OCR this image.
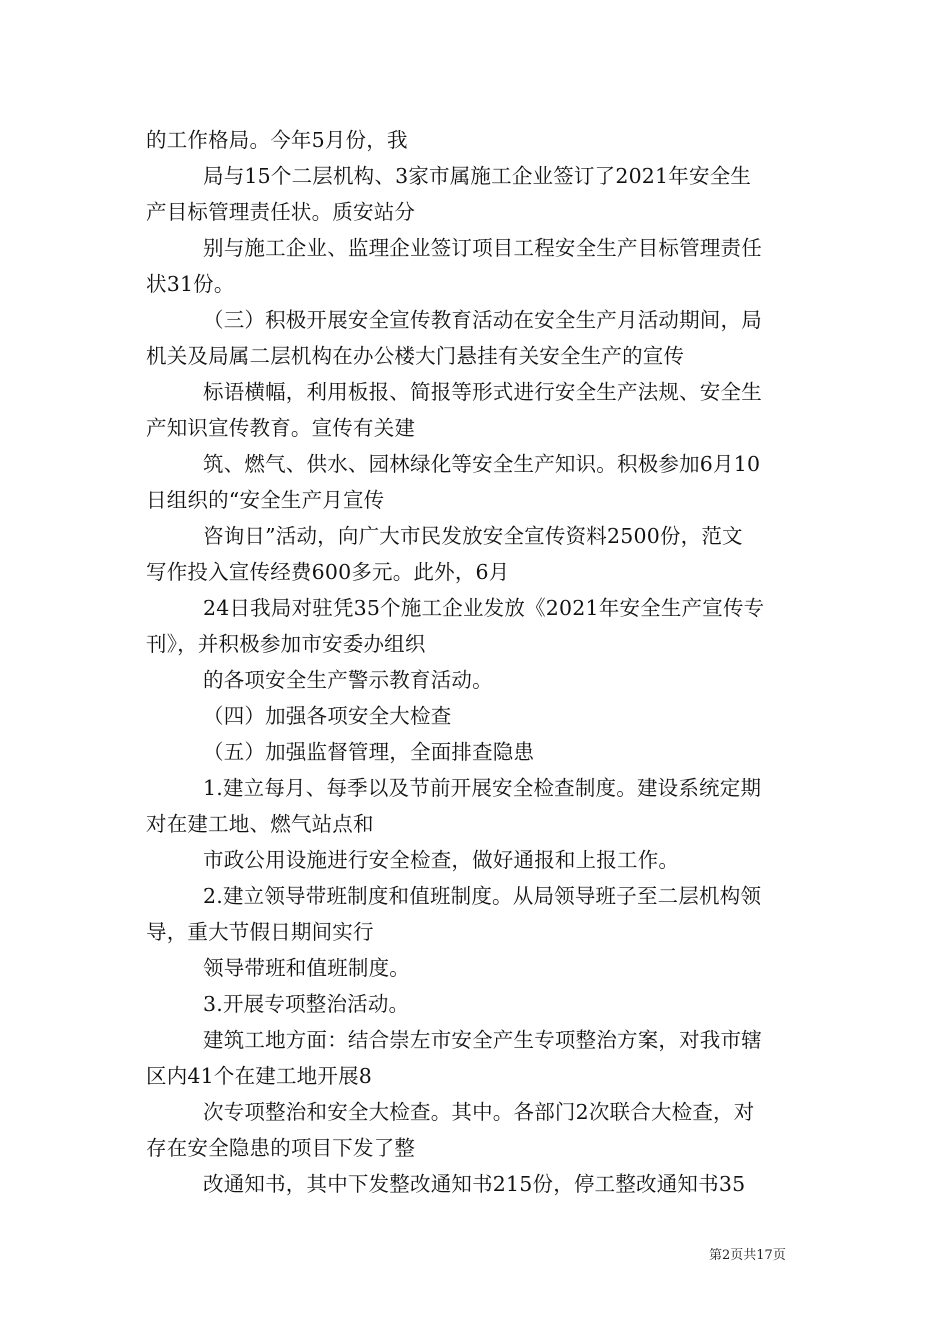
的工作格局。今年5月份，我
局与15个二层机构、3家市属施工企业签订了2021年安全生
产目标管理责任状。质安站分
别与施工企业、监理企业签订项目工程安全生产目标管理责任
状31份。
（三）积极开展安全宣传教育活动在安全生产月活动期间，局
机关及局属二层机构在办公楼大门悬挂有关安全生产的宣传
标语横幅，利用板报、简报等形式进行安全生产法规、安全生
产知识宣传教育。宣传有关建
筑、燃气、供水、园林绿化等安全生产知识。积极参加6月10
日组织的“安全生产月宣传
咨询日”活动，向广大市民发放安全宣传资料2500份，范文
写作投入宣传经费600多元。此外，6月
24日我局对驻凭35个施工企业发放《2021年安全生产宣传专
刊》，并积极参加市安委办组织
的各项安全生产警示教育活动。
（四）加强各项安全大检查
（五）加强监督管理，全面排查隐患
1.建立每月、每季以及节前开展安全检查制度。建设系统定期
对在建工地、燃气站点和
市政公用设施进行安全检查，做好通报和上报工作。
2.建立领导带班制度和值班制度。从局领导班子至二层机构领
导，重大节假日期间实行
领导带班和值班制度。
3.开展专项整治活动。
建筑工地方面：结合崇左市安全产生专项整治方案，对我市辖
区内41个在建工地开展8
次专项整治和安全大检查。其中。各部门2次联合大检查，对
存在安全隐患的项目下发了整
改通知书，其中下发整改通知书215份，停工整改通知书35
第2页共17页
